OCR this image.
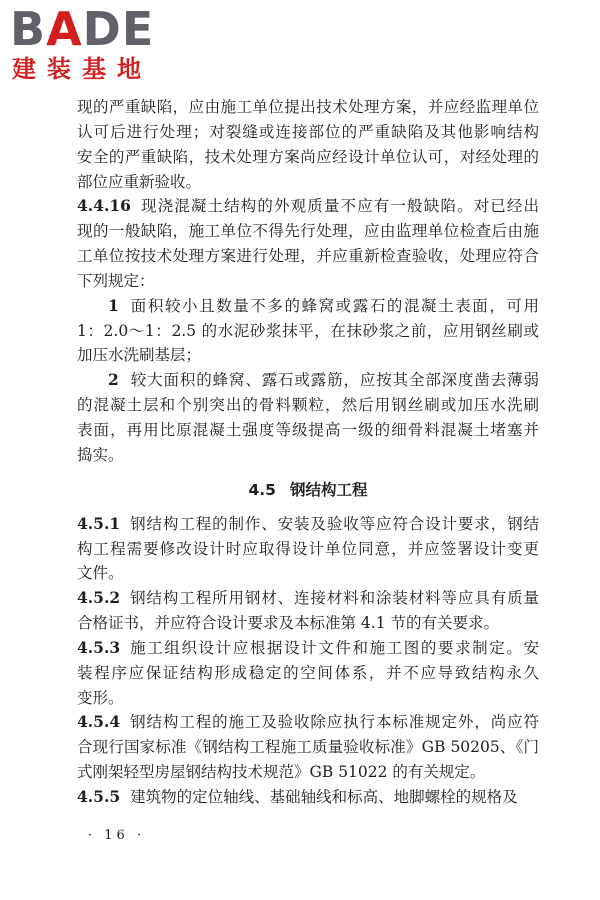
BADE
建装基地
现的严重缺陷，应由施工单位提出技术处理方案，并应经监理单位
认可后进行处理；对裂缝或连接部位的严重缺陷及其他影响结构
安全的严重缺陷，技术处理方案尚应经设计单位认可，对经处理的
部位应重新验收。
4.4.16 现浇混凝土结构的外观质量不应有一般缺陷。对已经出
现的一般缺陷，施工单位不得先行处理，应由监理单位检查后由施
工单位按技术处理方案进行处理，并应重新检查验收，处理应符合
下列规定：
1 面积较小且数量不多的蜂窝或露石的混凝土表面，可用
1：2.0～1：2.5 的水泥砂浆抹平，在抹砂浆之前，应用钢丝刷或
加压水洗刷基层；
2 较大面积的蜂窝、露石或露筋，应按其全部深度凿去薄弱
的混凝土层和个别突出的骨料颗粒，然后用钢丝刷或加压水洗刷
表面，再用比原混凝土强度等级提高一级的细骨料混凝土堵塞并
捣实。
4.5 钢结构工程
4.5.1 钢结构工程的制作、安装及验收等应符合设计要求，钢结
构工程需要修改设计时应取得设计单位同意，并应签署设计变更
文件。
4.5.2 钢结构工程所用钢材、连接材料和涂装材料等应具有质量
合格证书，并应符合设计要求及本标准第 4.1 节的有关要求。
4.5.3 施工组织设计应根据设计文件和施工图的要求制定。安
装程序应保证结构形成稳定的空间体系，并不应导致结构永久
变形。
4.5.4 钢结构工程的施工及验收除应执行本标准规定外，尚应符
合现行国家标准《钢结构工程施工质量验收标准》GB 50205、《门
式刚架轻型房屋钢结构技术规范》GB 51022 的有关规定。
4.5.5 建筑物的定位轴线、基础轴线和标高、地脚螺栓的规格及
· 16 ·
